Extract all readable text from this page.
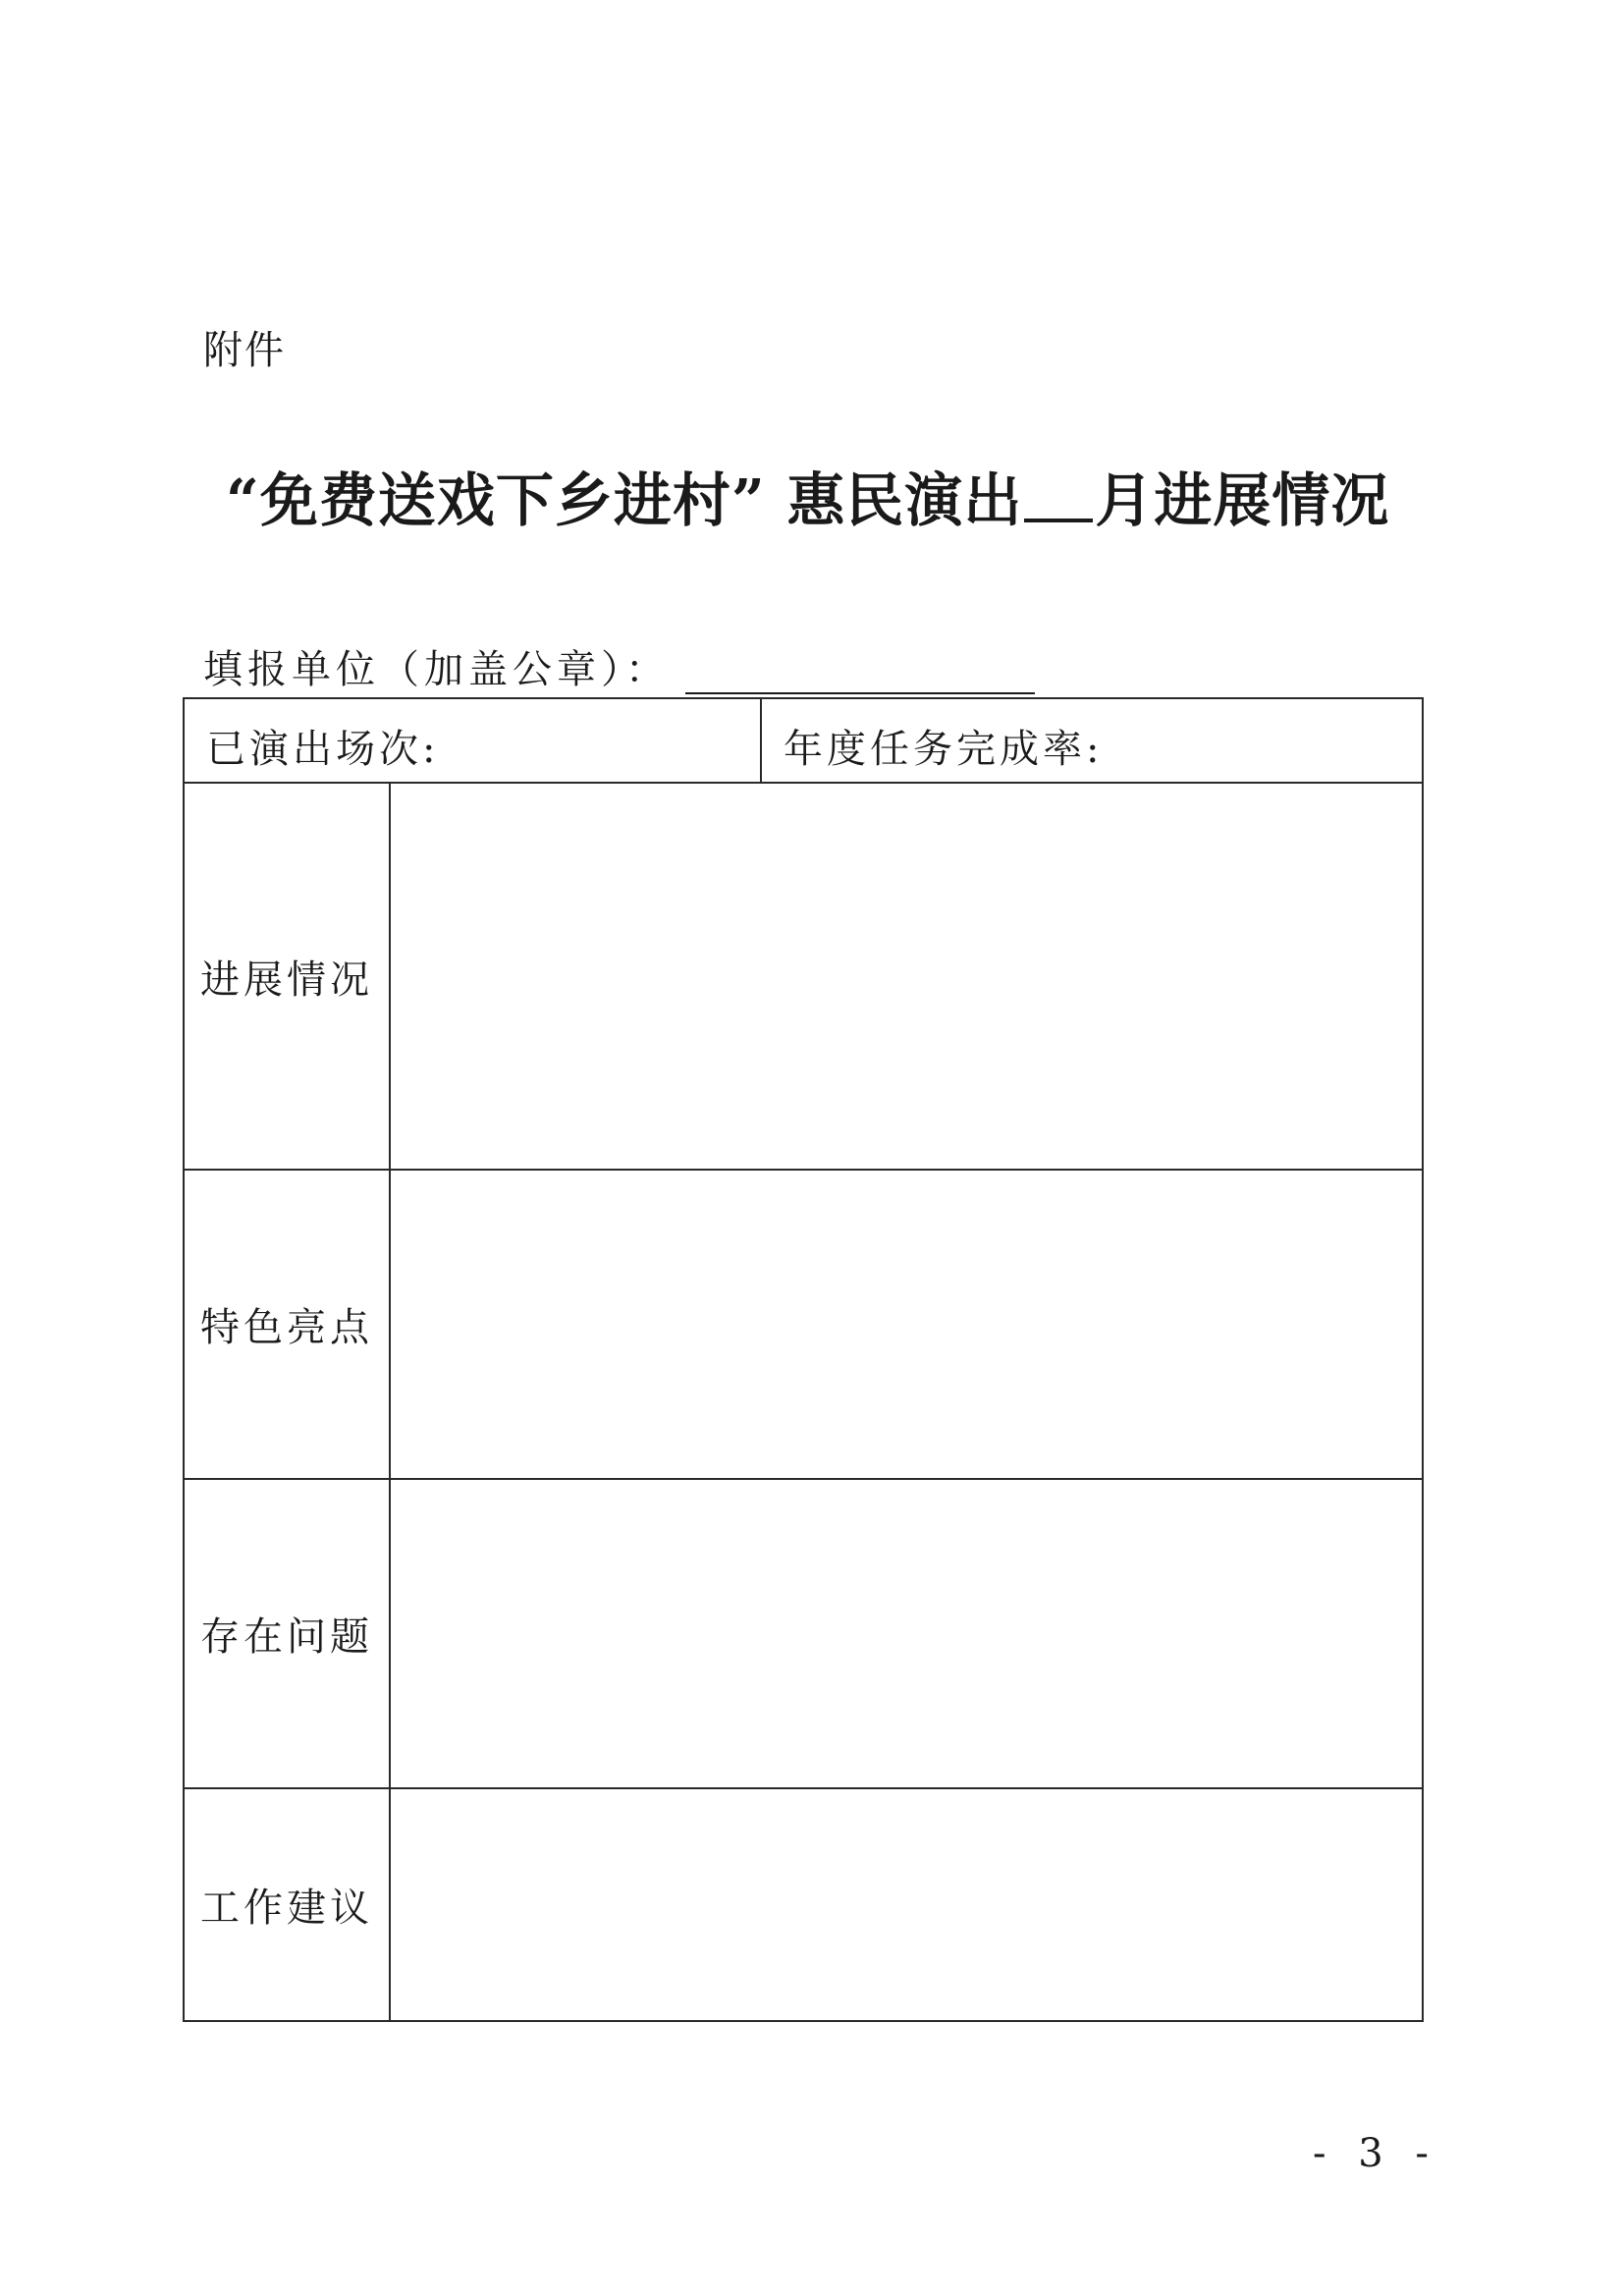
附件
“免费送戏下乡进村” 惠民演出 月进展情况
填报单位（加盖公章）：
已演出场次:		年度任务完成率:
进展情况		
特色亮点		
存在问题		
工作建议		
- 3 -
